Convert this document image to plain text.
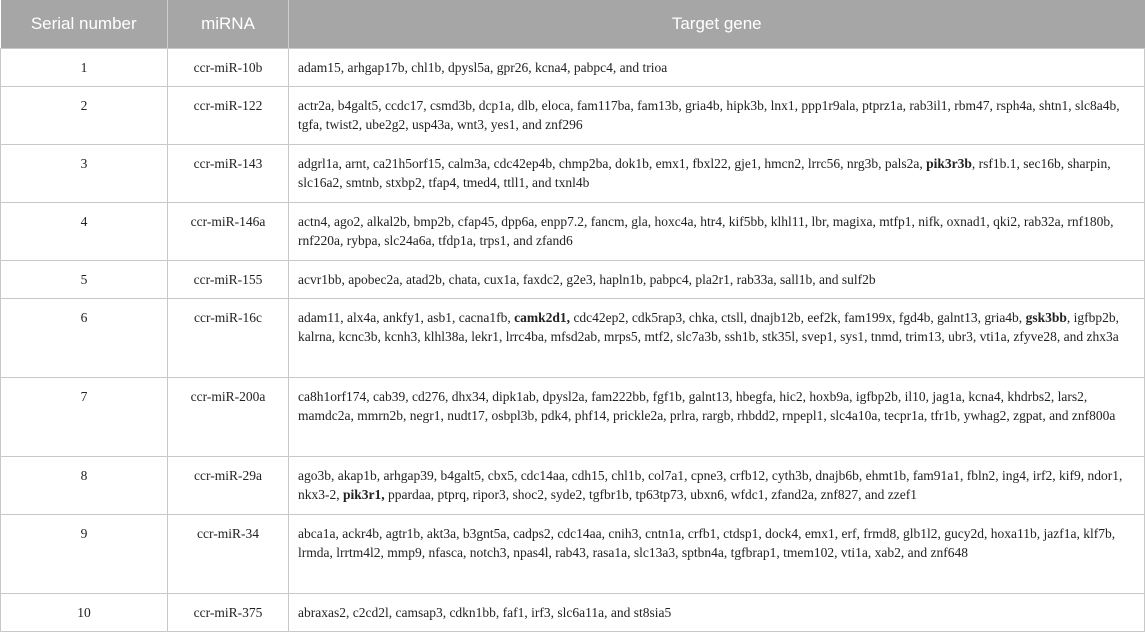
Serial number	miRNA	Target gene
1	ccr-miR-10b	adam15, arhgap17b, chl1b, dpysl5a, gpr26, kcna4, pabpc4, and trioa
2	ccr-miR-122	actr2a, b4galt5, ccdc17, csmd3b, dcp1a, dlb, eloca, fam117ba, fam13b, gria4b, hipk3b, lnx1, ppp1r9ala, ptprz1a, rab3il1, rbm47, rsph4a, shtn1, slc8a4b, tgfa, twist2, ube2g2, usp43a, wnt3, yes1, and znf296
3	ccr-miR-143	adgrl1a, arnt, ca21h5orf15, calm3a, cdc42ep4b, chmp2ba, dok1b, emx1, fbxl22, gje1, hmcn2, lrrc56, nrg3b, pals2a, pik3r3b, rsf1b.1, sec16b, sharpin, slc16a2, smtnb, stxbp2, tfap4, tmed4, ttll1, and txnl4b
4	ccr-miR-146a	actn4, ago2, alkal2b, bmp2b, cfap45, dpp6a, enpp7.2, fancm, gla, hoxc4a, htr4, kif5bb, klhl11, lbr, magixa, mtfp1, nifk, oxnad1, qki2, rab32a, rnf180b, rnf220a, rybpa, slc24a6a, tfdp1a, trps1, and zfand6
5	ccr-miR-155	acvr1bb, apobec2a, atad2b, chata, cux1a, faxdc2, g2e3, hapln1b, pabpc4, pla2r1, rab33a, sall1b, and sulf2b
6	ccr-miR-16c	adam11, alx4a, ankfy1, asb1, cacna1fb, camk2d1, cdc42ep2, cdk5rap3, chka, ctsll, dnajb12b, eef2k, fam199x, fgd4b, galnt13, gria4b, gsk3bb, igfbp2b, kalrna, kcnc3b, kcnh3, klhl38a, lekr1, lrrc4ba, mfsd2ab, mrps5, mtf2, slc7a3b, ssh1b, stk35l, svep1, sys1, tnmd, trim13, ubr3, vti1a, zfyve28, and zhx3a
7	ccr-miR-200a	ca8h1orf174, cab39, cd276, dhx34, dipk1ab, dpysl2a, fam222bb, fgf1b, galnt13, hbegfa, hic2, hoxb9a, igfbp2b, il10, jag1a, kcna4, khdrbs2, lars2, mamdc2a, mmrn2b, negr1, nudt17, osbpl3b, pdk4, phf14, prickle2a, prlra, rargb, rhbdd2, rnpepl1, slc4a10a, tecpr1a, tfr1b, ywhag2, zgpat, and znf800a
8	ccr-miR-29a	ago3b, akap1b, arhgap39, b4galt5, cbx5, cdc14aa, cdh15, chl1b, col7a1, cpne3, crfb12, cyth3b, dnajb6b, ehmt1b, fam91a1, fbln2, ing4, irf2, kif9, ndor1, nkx3-2, pik3r1, ppardaa, ptprq, ripor3, shoc2, syde2, tgfbr1b, tp63tp73, ubxn6, wfdc1, zfand2a, znf827, and zzef1
9	ccr-miR-34	abca1a, ackr4b, agtr1b, akt3a, b3gnt5a, cadps2, cdc14aa, cnih3, cntn1a, crfb1, ctdsp1, dock4, emx1, erf, frmd8, glb1l2, gucy2d, hoxa11b, jazf1a, klf7b, lrmda, lrrtm4l2, mmp9, nfasca, notch3, npas4l, rab43, rasa1a, slc13a3, sptbn4a, tgfbrap1, tmem102, vti1a, xab2, and znf648
10	ccr-miR-375	abraxas2, c2cd2l, camsap3, cdkn1bb, faf1, irf3, slc6a11a, and st8sia5
